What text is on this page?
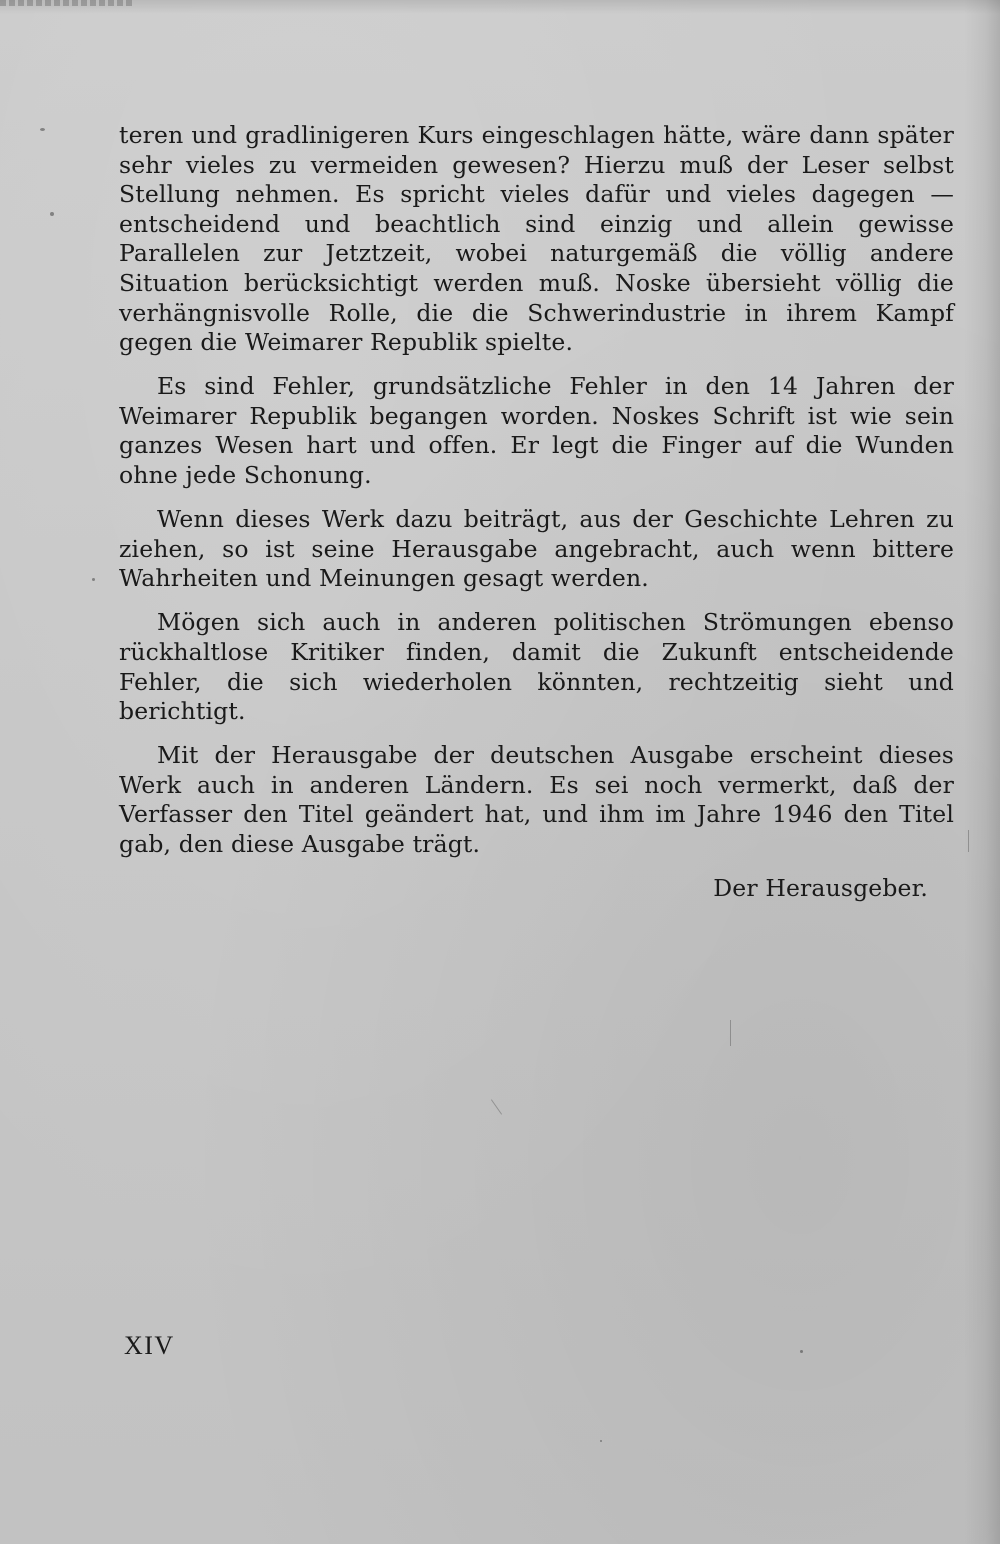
teren und gradlinigeren Kurs eingeschlagen hätte, wäre dann später sehr vieles zu vermeiden gewesen? Hierzu muß der Leser selbst Stellung nehmen. Es spricht vieles dafür und vieles dagegen — entscheidend und beachtlich sind einzig und allein gewisse Parallelen zur Jetztzeit, wobei naturgemäß die völlig andere Situation berücksichtigt werden muß. Noske übersieht völlig die verhängnisvolle Rolle, die die Schwerindustrie in ihrem Kampf gegen die Weimarer Republik spielte.

Es sind Fehler, grundsätzliche Fehler in den 14 Jahren der Weimarer Republik begangen worden. Noskes Schrift ist wie sein ganzes Wesen hart und offen. Er legt die Finger auf die Wunden ohne jede Schonung.

Wenn dieses Werk dazu beiträgt, aus der Geschichte Lehren zu ziehen, so ist seine Herausgabe angebracht, auch wenn bittere Wahrheiten und Meinungen gesagt werden.

Mögen sich auch in anderen politischen Strömungen ebenso rückhaltlose Kritiker finden, damit die Zukunft entscheidende Fehler, die sich wiederholen könnten, rechtzeitig sieht und berichtigt.

Mit der Herausgabe der deutschen Ausgabe erscheint dieses Werk auch in anderen Ländern. Es sei noch vermerkt, daß der Verfasser den Titel geändert hat, und ihm im Jahre 1946 den Titel gab, den diese Ausgabe trägt.

Der Herausgeber.

XIV
